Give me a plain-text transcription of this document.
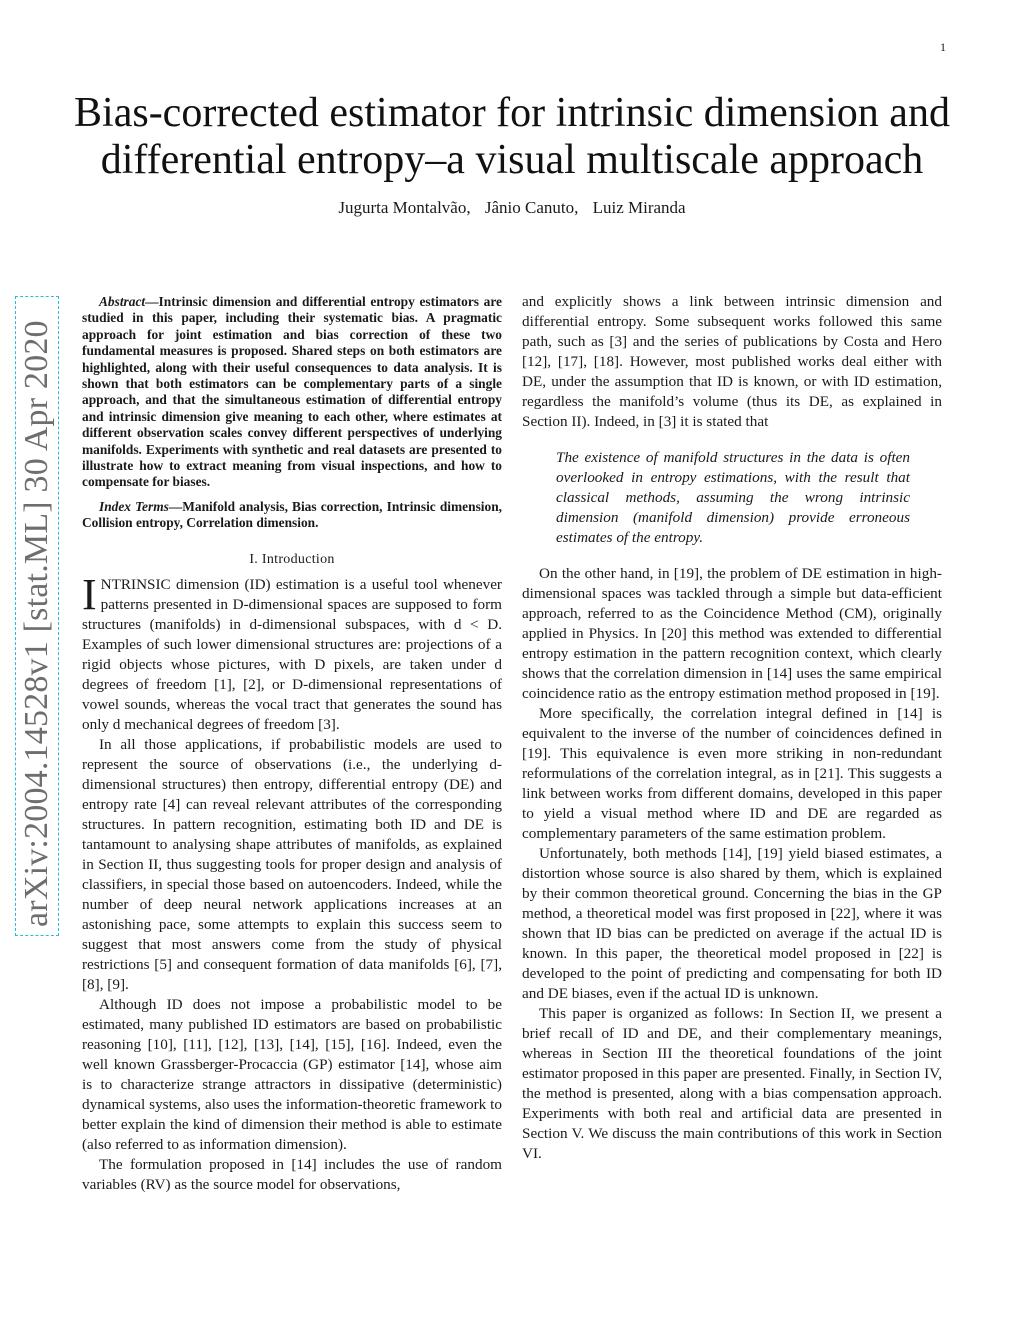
1
Bias-corrected estimator for intrinsic dimension and
differential entropy–a visual multiscale approach
Jugurta Montalvão, Jânio Canuto, Luiz Miranda
arXiv:2004.14528v1 [stat.ML] 30 Apr 2020

Abstract—Intrinsic dimension and differential entropy estimators are studied in this paper, including their systematic bias. A pragmatic approach for joint estimation and bias correction of these two fundamental measures is proposed. Shared steps on both estimators are highlighted, along with their useful consequences to data analysis. It is shown that both estimators can be complementary parts of a single approach, and that the simultaneous estimation of differential entropy and intrinsic dimension give meaning to each other, where estimates at different observation scales convey different perspectives of underlying manifolds. Experiments with synthetic and real datasets are presented to illustrate how to extract meaning from visual inspections, and how to compensate for biases.

Index Terms—Manifold analysis, Bias correction, Intrinsic dimension, Collision entropy, Correlation dimension.

I. Introduction

INTRINSIC dimension (ID) estimation is a useful tool whenever patterns presented in D-dimensional spaces are supposed to form structures (manifolds) in d-dimensional subspaces, with d < D. Examples of such lower dimensional structures are: projections of a rigid objects whose pictures, with D pixels, are taken under d degrees of freedom [1], [2], or D-dimensional representations of vowel sounds, whereas the vocal tract that generates the sound has only d mechanical degrees of freedom [3].

In all those applications, if probabilistic models are used to represent the source of observations (i.e., the underlying d-dimensional structures) then entropy, differential entropy (DE) and entropy rate [4] can reveal relevant attributes of the corresponding structures. In pattern recognition, estimating both ID and DE is tantamount to analysing shape attributes of manifolds, as explained in Section II, thus suggesting tools for proper design and analysis of classifiers, in special those based on autoencoders. Indeed, while the number of deep neural network applications increases at an astonishing pace, some attempts to explain this success seem to suggest that most answers come from the study of physical restrictions [5] and consequent formation of data manifolds [6], [7], [8], [9].

Although ID does not impose a probabilistic model to be estimated, many published ID estimators are based on probabilistic reasoning [10], [11], [12], [13], [14], [15], [16]. Indeed, even the well known Grassberger-Procaccia (GP) estimator [14], whose aim is to characterize strange attractors in dissipative (deterministic) dynamical systems, also uses the information-theoretic framework to better explain the kind of dimension their method is able to estimate (also referred to as information dimension).

The formulation proposed in [14] includes the use of random variables (RV) as the source model for observations,

and explicitly shows a link between intrinsic dimension and differential entropy. Some subsequent works followed this same path, such as [3] and the series of publications by Costa and Hero [12], [17], [18]. However, most published works deal either with DE, under the assumption that ID is known, or with ID estimation, regardless the manifold’s volume (thus its DE, as explained in Section II). Indeed, in [3] it is stated that

The existence of manifold structures in the data is often overlooked in entropy estimations, with the result that classical methods, assuming the wrong intrinsic dimension (manifold dimension) provide erroneous estimates of the entropy.

On the other hand, in [19], the problem of DE estimation in high-dimensional spaces was tackled through a simple but data-efficient approach, referred to as the Coincidence Method (CM), originally applied in Physics. In [20] this method was extended to differential entropy estimation in the pattern recognition context, which clearly shows that the correlation dimension in [14] uses the same empirical coincidence ratio as the entropy estimation method proposed in [19].

More specifically, the correlation integral defined in [14] is equivalent to the inverse of the number of coincidences defined in [19]. This equivalence is even more striking in non-redundant reformulations of the correlation integral, as in [21]. This suggests a link between works from different domains, developed in this paper to yield a visual method where ID and DE are regarded as complementary parameters of the same estimation problem.

Unfortunately, both methods [14], [19] yield biased estimates, a distortion whose source is also shared by them, which is explained by their common theoretical ground. Concerning the bias in the GP method, a theoretical model was first proposed in [22], where it was shown that ID bias can be predicted on average if the actual ID is known. In this paper, the theoretical model proposed in [22] is developed to the point of predicting and compensating for both ID and DE biases, even if the actual ID is unknown.

This paper is organized as follows: In Section II, we present a brief recall of ID and DE, and their complementary meanings, whereas in Section III the theoretical foundations of the joint estimator proposed in this paper are presented. Finally, in Section IV, the method is presented, along with a bias compensation approach. Experiments with both real and artificial data are presented in Section V. We discuss the main contributions of this work in Section VI.
